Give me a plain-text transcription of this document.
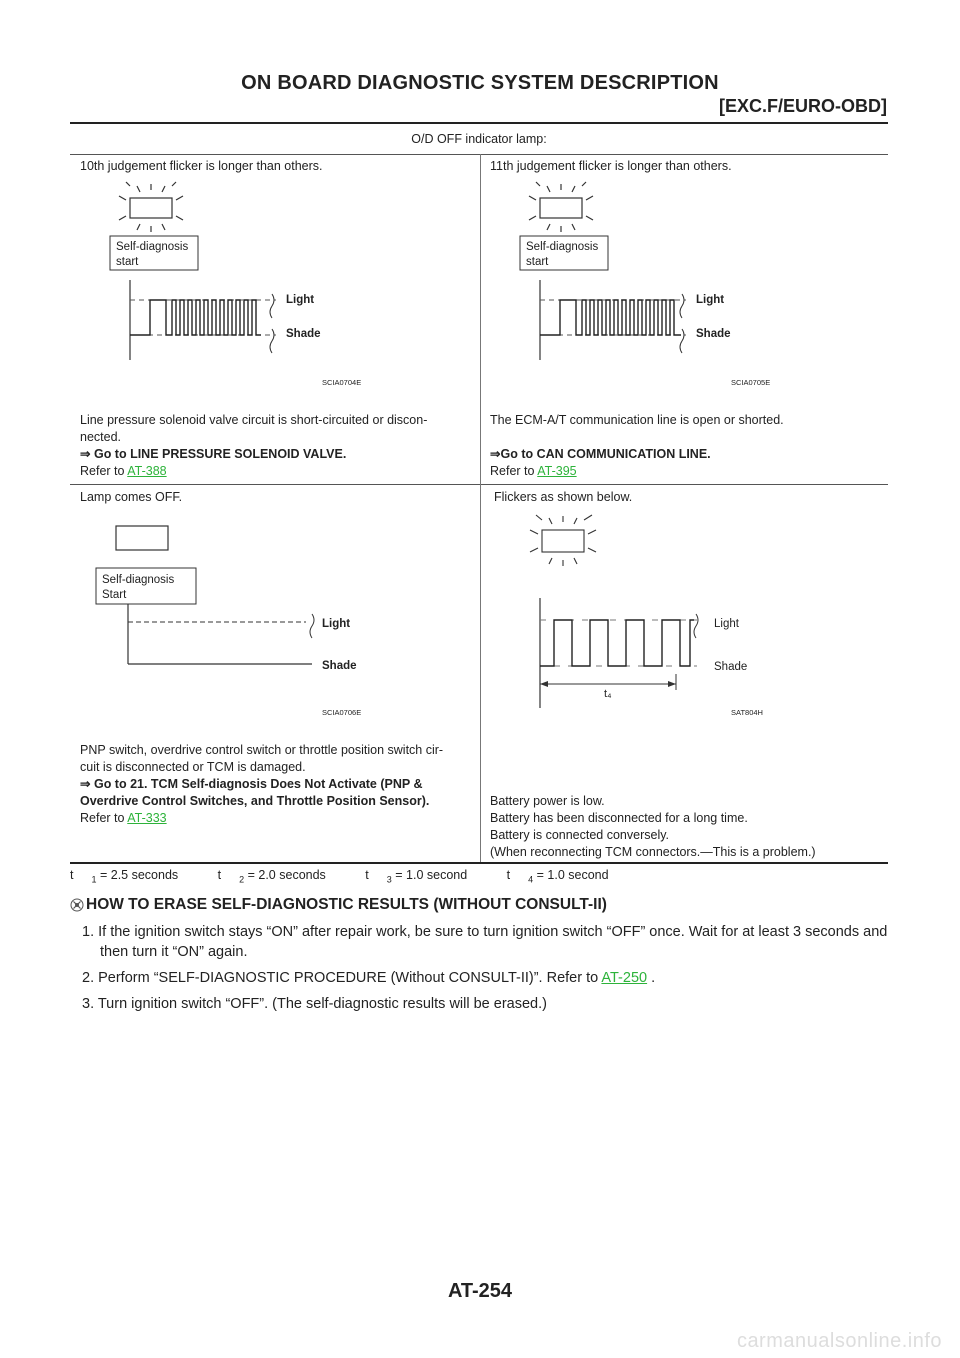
ON BOARD DIAGNOSTIC SYSTEM DESCRIPTION
[EXC.F/EURO-OBD]
O/D OFF indicator lamp:
10th judgement flicker is longer than others.
Self-diagnosis
start
Light
Shade
SCIA0704E
Line pressure solenoid valve circuit is short-circuited or discon-
nected.
⇒ Go to LINE PRESSURE SOLENOID VALVE.
Refer to AT-388
11th judgement flicker is longer than others.
Self-diagnosis
start
Light
Shade
SCIA0705E
The ECM-A/T communication line is open or shorted.

⇒Go to CAN COMMUNICATION LINE.
Refer to AT-395
Lamp comes OFF.
Self-diagnosis
Start
Light
Shade
SCIA0706E
PNP switch, overdrive control switch or throttle position switch cir-
cuit is disconnected or TCM is damaged.
⇒ Go to 21. TCM Self-diagnosis Does Not Activate (PNP &
Overdrive Control Switches, and Throttle Position Sensor).
Refer to AT-333
Flickers as shown below.
Light
Shade
t₄
SAT804H
Battery power is low.
Battery has been disconnected for a long time.
Battery is connected conversely.
(When reconnecting TCM connectors.—This is a problem.)
t $_1$ = 2.5 seconds	t $_2$ = 2.0 seconds	t $_3$ = 1.0 second	t $_4$ = 1.0 second
HOW TO ERASE SELF-DIAGNOSTIC RESULTS (WITHOUT CONSULT-II)

1. If the ignition switch stays “ON” after repair work, be sure to turn ignition switch “OFF” once. Wait for at least 3 seconds and then turn it “ON” again.

2. Perform “SELF-DIAGNOSTIC PROCEDURE (Without CONSULT-II)”. Refer to AT-250 .

3. Turn ignition switch “OFF”. (The self-diagnostic results will be erased.)

AT-254
carmanualsonline.info
